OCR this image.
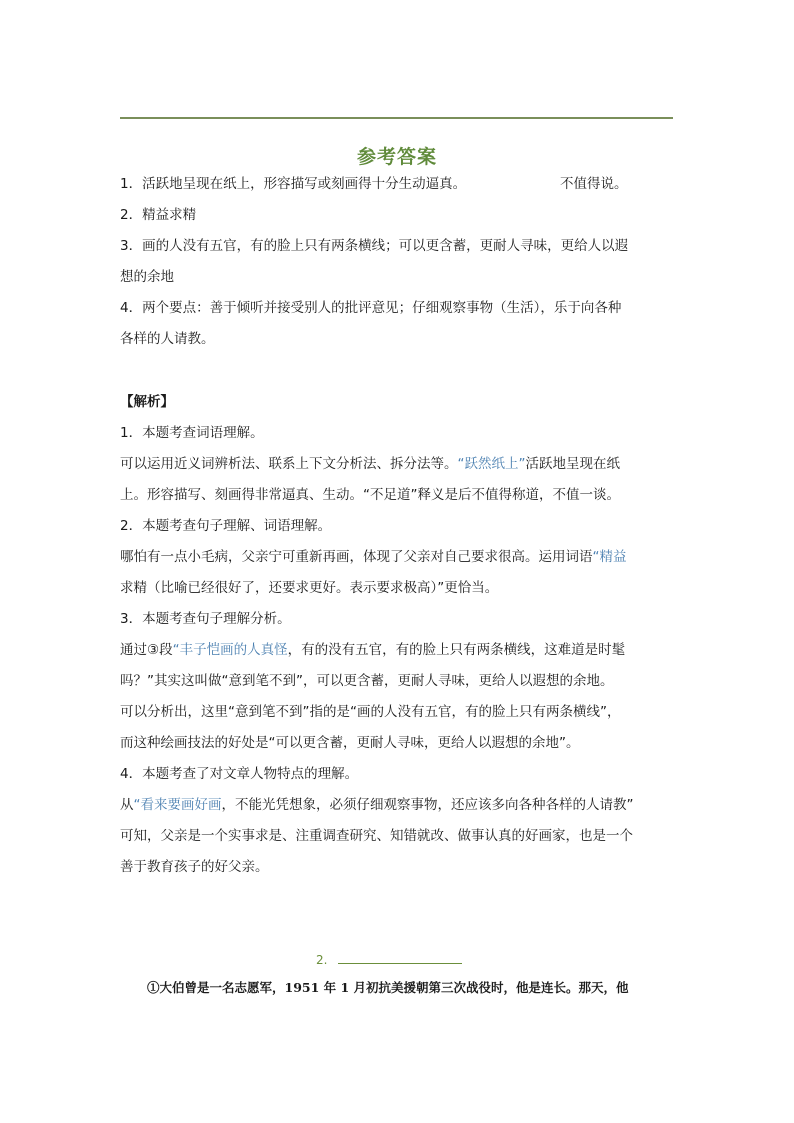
参考答案
1．活跃地呈现在纸上，形容描写或刻画得十分生动逼真。	不值得说。
2．精益求精
3．画的人没有五官，有的脸上只有两条横线；可以更含蓄，更耐人寻味，更给人以遐
想的余地
4．两个要点：善于倾听并接受别人的批评意见；仔细观察事物（生活），乐于向各种
各样的人请教。
【解析】
1．本题考查词语理解。
可以运用近义词辨析法、联系上下文分析法、拆分法等。“跃然纸上”活跃地呈现在纸
上。形容描写、刻画得非常逼真、生动。“不足道”释义是后不值得称道，不值一谈。
2．本题考查句子理解、词语理解。
哪怕有一点小毛病，父亲宁可重新再画，体现了父亲对自己要求很高。运用词语“精益
求精（比喻已经很好了，还要求更好。表示要求极高）”更恰当。
3．本题考查句子理解分析。
通过③段“丰子恺画的人真怪，有的没有五官，有的脸上只有两条横线，这难道是时髦
吗？”其实这叫做“意到笔不到”，可以更含蓄，更耐人寻味，更给人以遐想的余地。
可以分析出，这里“意到笔不到”指的是“画的人没有五官，有的脸上只有两条横线”，
而这种绘画技法的好处是“可以更含蓄，更耐人寻味，更给人以遐想的余地”。
4．本题考查了对文章人物特点的理解。
从“看来要画好画，不能光凭想象，必须仔细观察事物，还应该多向各种各样的人请教”
可知，父亲是一个实事求是、注重调查研究、知错就改、做事认真的好画家，也是一个
善于教育孩子的好父亲。
2.
①大伯曾是一名志愿军，1951 年 1 月初抗美援朝第三次战役时，他是连长。那天，他
